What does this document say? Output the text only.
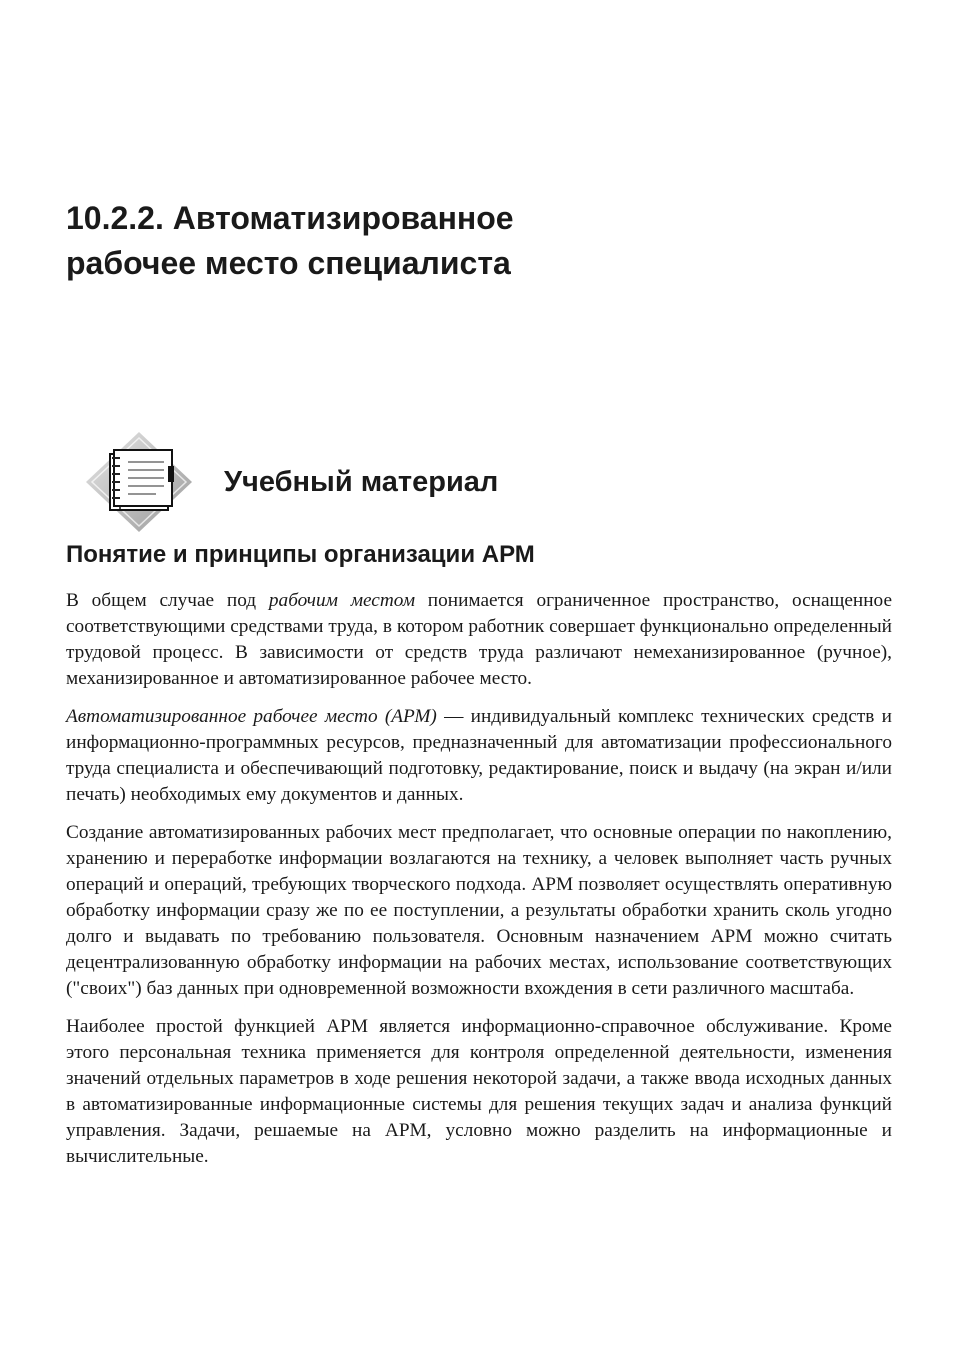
10.2.2. Автоматизированное
рабочее место специалиста
Учебный материал
Понятие и принципы организации АРМ

В общем случае под рабочим местом понимается ограниченное пространство, оснащенное соответствующими средствами труда, в котором работник совершает функционально определенный трудовой процесс. В зависимости от средств труда различают немеханизированное (ручное), механизированное и автоматизированное рабочее место.

Автоматизированное рабочее место (АРМ) — индивидуальный комплекс технических средств и информационно-программных ресурсов, предназначенный для автоматизации профессионального труда специалиста и обеспечивающий подготовку, редактирование, поиск и выдачу (на экран и/или печать) необходимых ему документов и данных.

Создание автоматизированных рабочих мест предполагает, что основные операции по накоплению, хранению и переработке информации возлагаются на технику, а человек выполняет часть ручных операций и операций, требующих творческого подхода. АРМ позволяет осуществлять оперативную обработку информации сразу же по ее поступлении, а результаты обработки хранить сколь угодно долго и выдавать по требованию пользователя. Основным назначением АРМ можно считать децентрализованную обработку информации на рабочих местах, использование соответствующих ("своих") баз данных при одновременной возможности вхождения в сети различного масштаба.

Наиболее простой функцией АРМ является информационно-справочное обслуживание. Кроме этого персональная техника применяется для контроля определенной деятельности, изменения значений отдельных параметров в ходе решения некоторой задачи, а также ввода исходных данных в автоматизированные информационные системы для решения текущих задач и анализа функций управления. Задачи, решаемые на АРМ, условно можно разделить на информационные и вычислительные.
